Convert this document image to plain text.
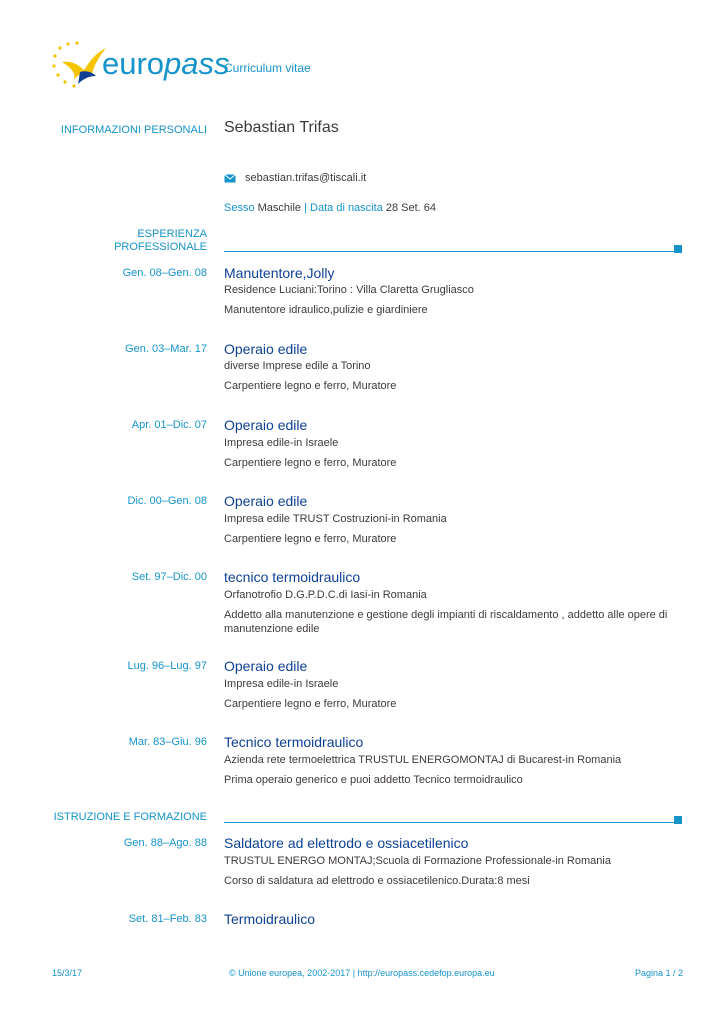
europass
Curriculum vitae
INFORMAZIONI PERSONALI Sebastian Trifas
sebastian.trifas@tiscali.it
Sesso Maschile | Data di nascita 28 Set. 64
ESPERIENZA
PROFESSIONALE
Gen. 08–Gen. 08 Manutentore,Jolly
Residence Luciani:Torino : Villa Claretta Grugliasco
Manutentore idraulico,pulizie e giardiniere
Gen. 03–Mar. 17 Operaio edile
diverse Imprese edile a Torino
Carpentiere legno e ferro, Muratore
Apr. 01–Dic. 07 Operaio edile
Impresa edile-in Israele
Carpentiere legno e ferro, Muratore
Dic. 00–Gen. 08 Operaio edile
Impresa edile TRUST Costruzioni-in Romania
Carpentiere legno e ferro, Muratore
Set. 97–Dic. 00 tecnico termoidraulico
Orfanotrofio D.G.P.D.C.di Iasi-in Romania
Addetto alla manutenzione e gestione degli impianti di riscaldamento , addetto alle opere di
manutenzione edile
Lug. 96–Lug. 97 Operaio edile
Impresa edile-in Israele
Carpentiere legno e ferro, Muratore
Mar. 83–Giu. 96 Tecnico termoidraulico
Azienda rete termoelettrica TRUSTUL ENERGOMONTAJ di Bucarest-in Romania
Prima operaio generico e puoi addetto Tecnico termoidraulico
ISTRUZIONE E FORMAZIONE
Gen. 88–Ago. 88 Saldatore ad elettrodo e ossiacetilenico
TRUSTUL ENERGO MONTAJ;Scuola di Formazione Professionale-in Romania
Corso di saldatura ad elettrodo e ossiacetilenico.Durata:8 mesi
Set. 81–Feb. 83 Termoidraulico
15/3/17	© Unione europea, 2002-2017 | http://europass.cedefop.europa.eu	Pagina 1 / 2
